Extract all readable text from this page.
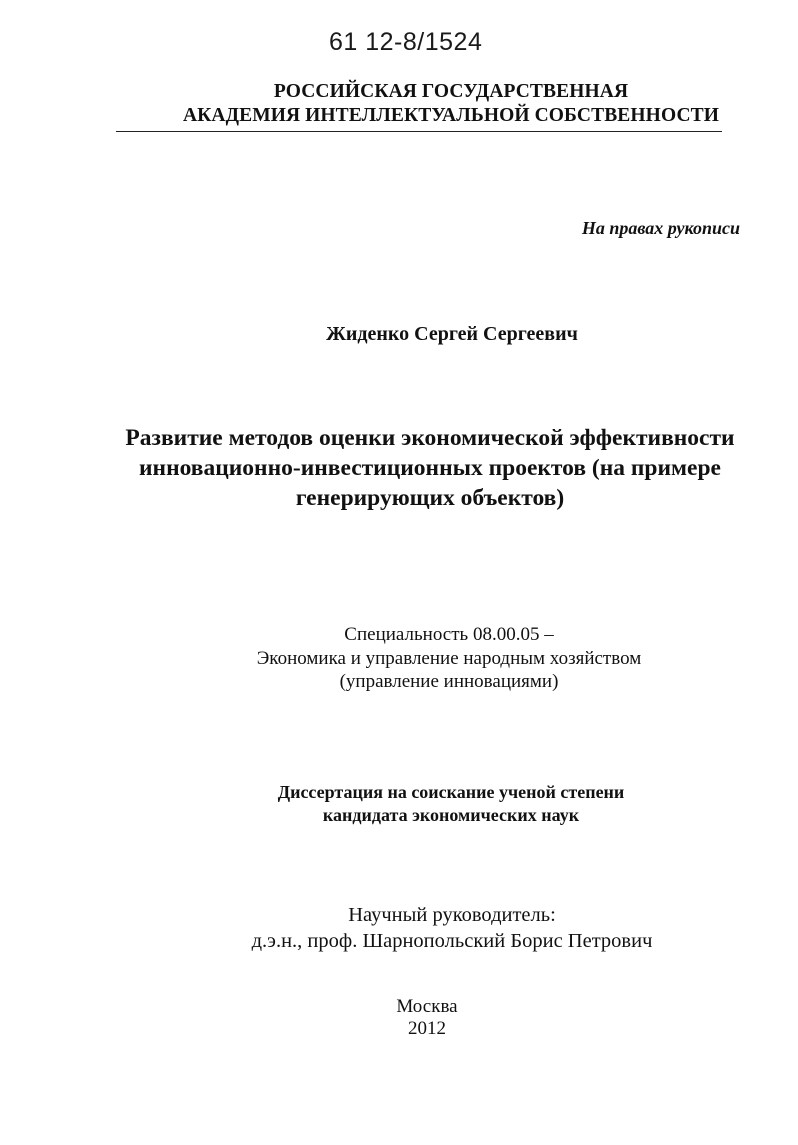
61 12-8/1524
РОССИЙСКАЯ ГОСУДАРСТВЕННАЯ
АКАДЕМИЯ ИНТЕЛЛЕКТУАЛЬНОЙ СОБСТВЕННОСТИ
На правах рукописи
Жиденко Сергей Сергеевич
Развитие методов оценки экономической эффективности
инновационно-инвестиционных проектов (на примере
генерирующих объектов)
Специальность 08.00.05 –
Экономика и управление народным хозяйством
(управление инновациями)
Диссертация на соискание ученой степени
кандидата экономических наук
Научный руководитель:
д.э.н., проф. Шарнопольский Борис Петрович
Москва
2012
